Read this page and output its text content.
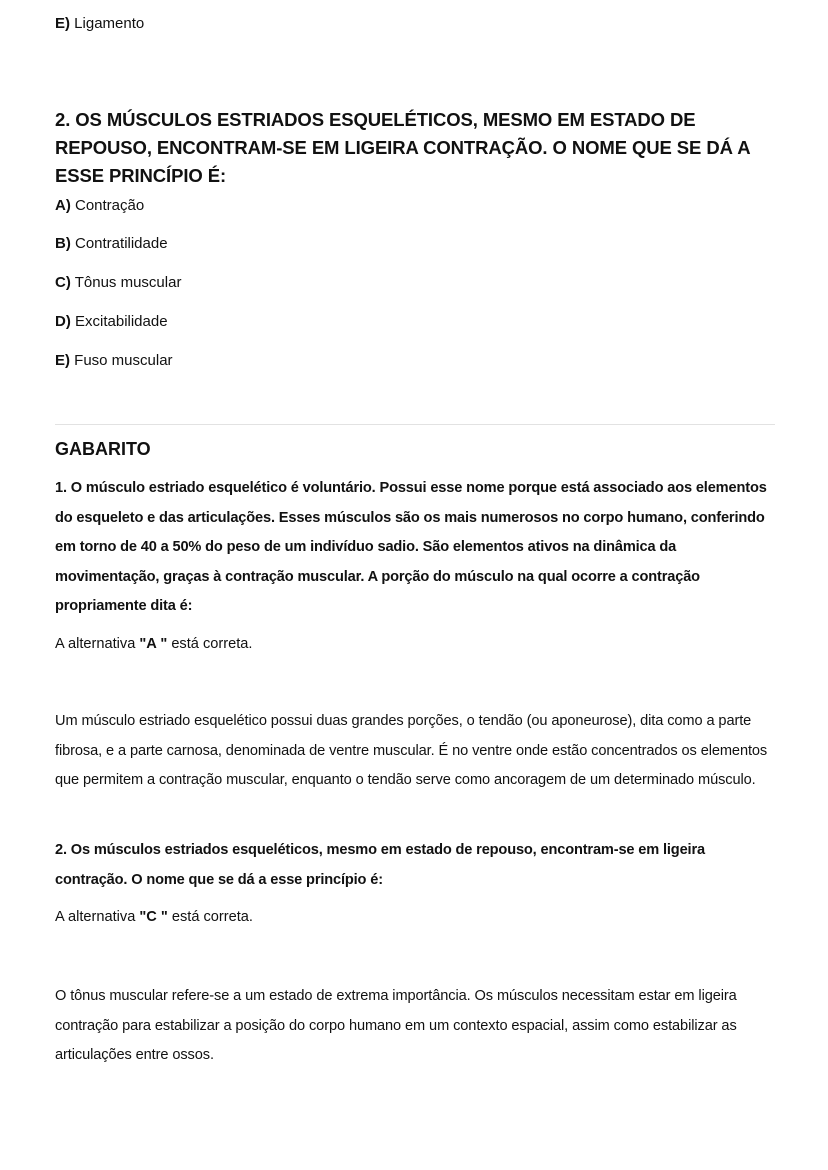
E) Ligamento
2. OS MÚSCULOS ESTRIADOS ESQUELÉTICOS, MESMO EM ESTADO DE REPOUSO, ENCONTRAM-SE EM LIGEIRA CONTRAÇÃO. O NOME QUE SE DÁ A ESSE PRINCÍPIO É:
A) Contração
B) Contratilidade
C) Tônus muscular
D) Excitabilidade
E) Fuso muscular
GABARITO
1. O músculo estriado esquelético é voluntário. Possui esse nome porque está associado aos elementos do esqueleto e das articulações. Esses músculos são os mais numerosos no corpo humano, conferindo em torno de 40 a 50% do peso de um indivíduo sadio. São elementos ativos na dinâmica da movimentação, graças à contração muscular. A porção do músculo na qual ocorre a contração propriamente dita é:
A alternativa "A " está correta.
Um músculo estriado esquelético possui duas grandes porções, o tendão (ou aponeurose), dita como a parte fibrosa, e a parte carnosa, denominada de ventre muscular. É no ventre onde estão concentrados os elementos que permitem a contração muscular, enquanto o tendão serve como ancoragem de um determinado músculo.
2. Os músculos estriados esqueléticos, mesmo em estado de repouso, encontram-se em ligeira contração. O nome que se dá a esse princípio é:
A alternativa "C " está correta.
O tônus muscular refere-se a um estado de extrema importância. Os músculos necessitam estar em ligeira contração para estabilizar a posição do corpo humano em um contexto espacial, assim como estabilizar as articulações entre ossos.
